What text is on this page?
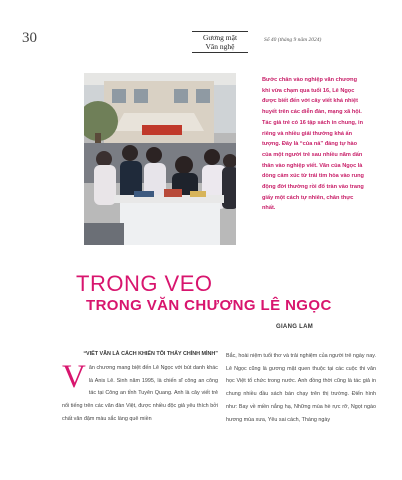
30	Gương mặt
Văn nghệ
Số 40 (tháng 9 năm 2024)
Bước chân vào nghiệp văn chương khi vừa chạm qua tuổi 16, Lê Ngọc được biết đến với cây viết khá nhiệt huyết trên các diễn đàn, mạng xã hội. Tác giả trẻ có 16 tập sách in chung, in riêng và nhiều giải thưởng khá ấn tượng. Đây là “của nả” đáng tự hào của một người trẻ sau nhiều năm dấn thân vào nghiệp viết. Văn của Ngọc là dòng cảm xúc từ trái tim hòa vào rung động đời thường rồi đổ tràn vào trang giấy một cách tự nhiên, chân thực nhất.
TRONG VEO
TRONG VĂN CHƯƠNG LÊ NGỌC
GIANG LAM
“VIẾT VĂN LÀ CÁCH KHIẾN TÔI THẤY CHÍNH MÌNH”
V ăn chương mang biệt đến Lê Ngọc với bút danh khác là Anis Lê. Sinh năm 1995, là chiến sĩ công an công tác tại Công an tỉnh Tuyên Quang. Anh là cây viết trẻ nổi tiếng trên các văn đàn Việt, được nhiều độc giả yêu thích bởi chất văn đậm màu sắc làng quê miền
Bắc, hoài niệm tuổi thơ và trải nghiệm của người trẻ ngày nay. Lê Ngọc cũng là gương mặt quen thuộc tại các cuộc thi văn học Việt tổ chức trong nước. Anh đồng thời cũng là tác giả in chung nhiều đầu sách bán chạy trên thị trường. Điển hình như: Bay về miền nắng hạ, Những mùa hè rực rỡ, Ngọt ngào hương mùa xưa, Yêu sai cách, Tháng ngày
